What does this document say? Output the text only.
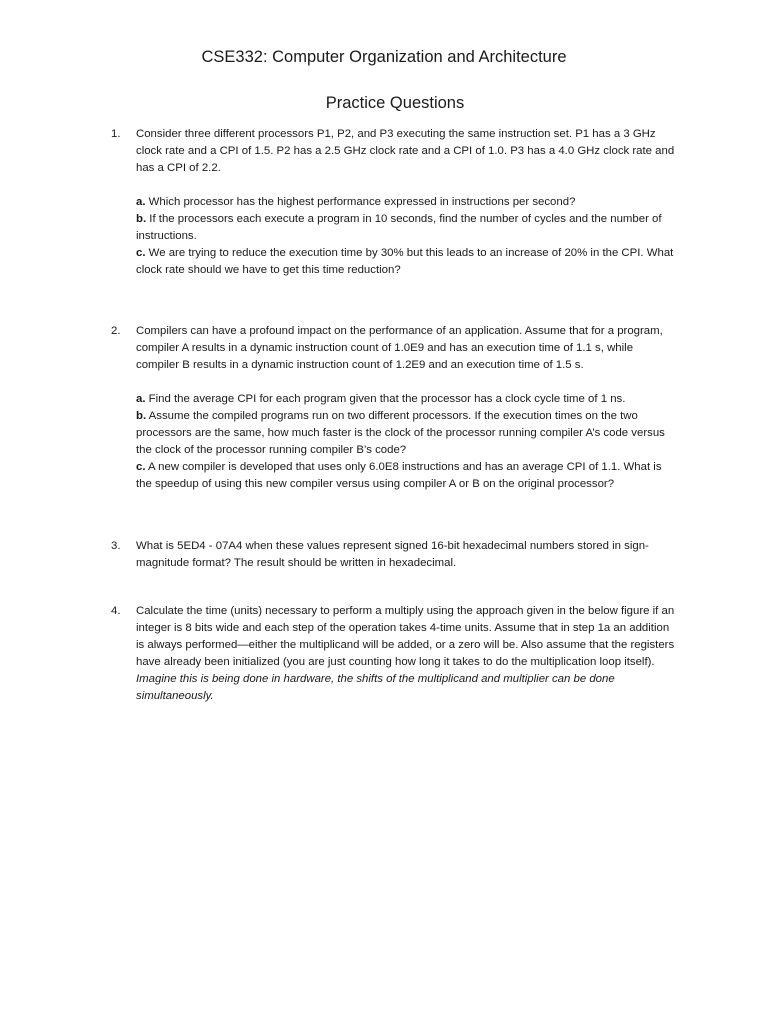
CSE332: Computer Organization and Architecture
Practice Questions
1.	Consider three different processors P1, P2, and P3 executing the same instruction set. P1 has a 3 GHz clock rate and a CPI of 1.5. P2 has a 2.5 GHz clock rate and a CPI of 1.0. P3 has a 4.0 GHz clock rate and has a CPI of 2.2.

a. Which processor has the highest performance expressed in instructions per second?

b. If the processors each execute a program in 10 seconds, find the number of cycles and the number of instructions.

c. We are trying to reduce the execution time by 30% but this leads to an increase of 20% in the CPI. What clock rate should we have to get this time reduction?

2.	Compilers can have a profound impact on the performance of an application. Assume that for a program, compiler A results in a dynamic instruction count of 1.0E9 and has an execution time of 1.1 s, while compiler B results in a dynamic instruction count of 1.2E9 and an execution time of 1.5 s.

a. Find the average CPI for each program given that the processor has a clock cycle time of 1 ns.

b. Assume the compiled programs run on two different processors. If the execution times on the two processors are the same, how much faster is the clock of the processor running compiler A’s code versus the clock of the processor running compiler B’s code?

c. A new compiler is developed that uses only 6.0E8 instructions and has an average CPI of 1.1. What is the speedup of using this new compiler versus using compiler A or B on the original processor?

3.	What is 5ED4 - 07A4 when these values represent signed 16-bit hexadecimal numbers stored in sign-magnitude format? The result should be written in hexadecimal.

4.	Calculate the time (units) necessary to perform a multiply using the approach given in the below figure if an integer is 8 bits wide and each step of the operation takes 4-time units. Assume that in step 1a an addition is always performed—either the multiplicand will be added, or a zero will be. Also assume that the registers have already been initialized (you are just counting how long it takes to do the multiplication loop itself). Imagine this is being done in hardware, the shifts of the multiplicand and multiplier can be done simultaneously.
